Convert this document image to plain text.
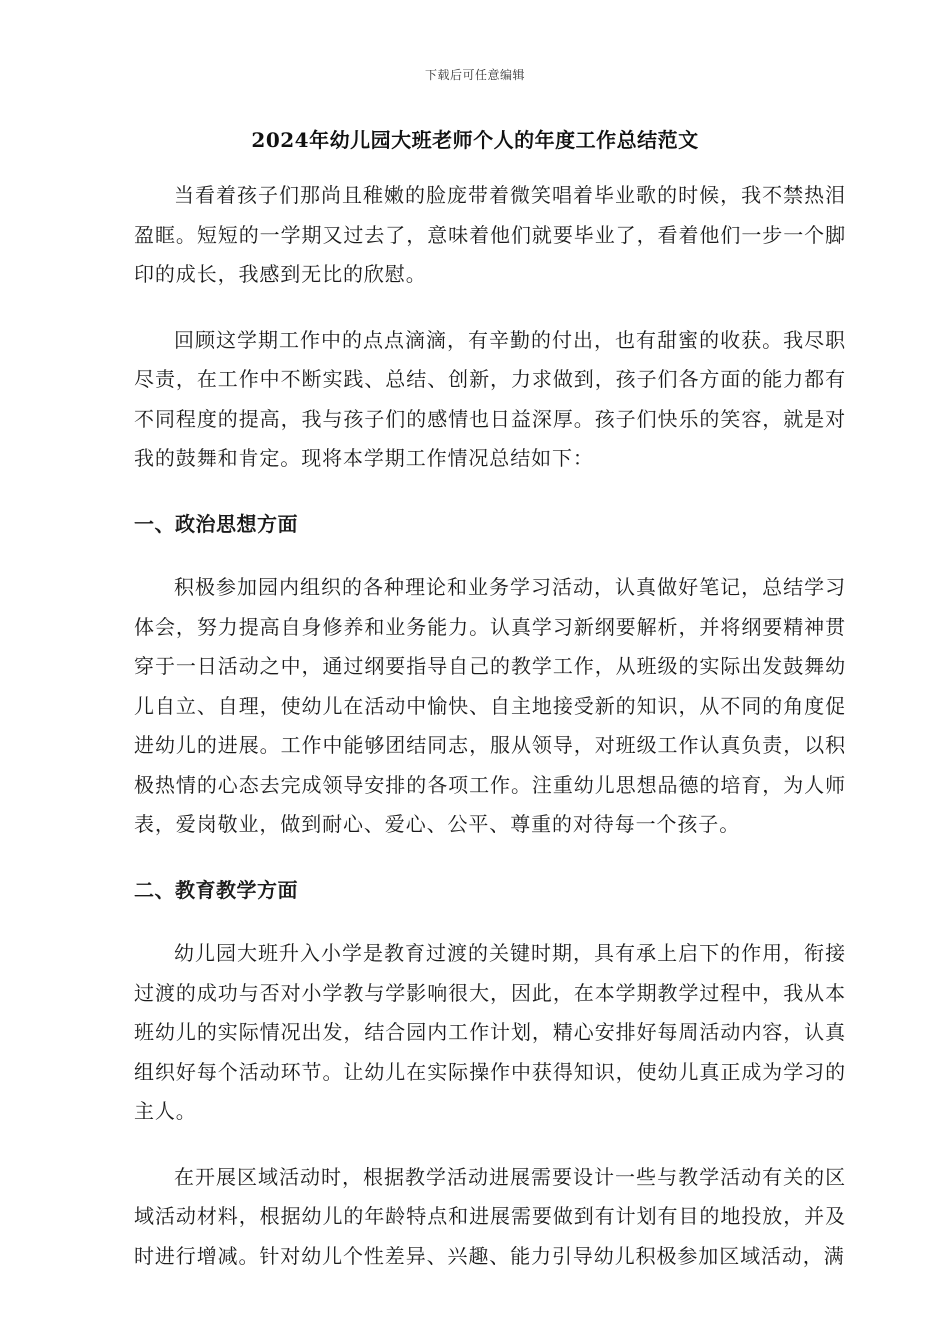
下载后可任意编辑
2024年幼儿园大班老师个人的年度工作总结范文

当看着孩子们那尚且稚嫩的脸庞带着微笑唱着毕业歌的时候，我不禁热泪盈眶。短短的一学期又过去了，意味着他们就要毕业了，看着他们一步一个脚印的成长，我感到无比的欣慰。

回顾这学期工作中的点点滴滴，有辛勤的付出，也有甜蜜的收获。我尽职尽责，在工作中不断实践、总结、创新，力求做到，孩子们各方面的能力都有不同程度的提高，我与孩子们的感情也日益深厚。孩子们快乐的笑容，就是对我的鼓舞和肯定。现将本学期工作情况总结如下：

一、政治思想方面

积极参加园内组织的各种理论和业务学习活动，认真做好笔记，总结学习体会，努力提高自身修养和业务能力。认真学习新纲要解析，并将纲要精神贯穿于一日活动之中，通过纲要指导自己的教学工作，从班级的实际出发鼓舞幼儿自立、自理，使幼儿在活动中愉快、自主地接受新的知识，从不同的角度促进幼儿的进展。工作中能够团结同志，服从领导，对班级工作认真负责，以积极热情的心态去完成领导安排的各项工作。注重幼儿思想品德的培育，为人师表，爱岗敬业，做到耐心、爱心、公平、尊重的对待每一个孩子。

二、教育教学方面

幼儿园大班升入小学是教育过渡的关键时期，具有承上启下的作用，衔接过渡的成功与否对小学教与学影响很大，因此，在本学期教学过程中，我从本班幼儿的实际情况出发，结合园内工作计划，精心安排好每周活动内容，认真组织好每个活动环节。让幼儿在实际操作中获得知识，使幼儿真正成为学习的主人。

在开展区域活动时，根据教学活动进展需要设计一些与教学活动有关的区域活动材料，根据幼儿的年龄特点和进展需要做到有计划有目的地投放，并及时进行增减。针对幼儿个性差异、兴趣、能力引导幼儿积极参加区域活动，满
